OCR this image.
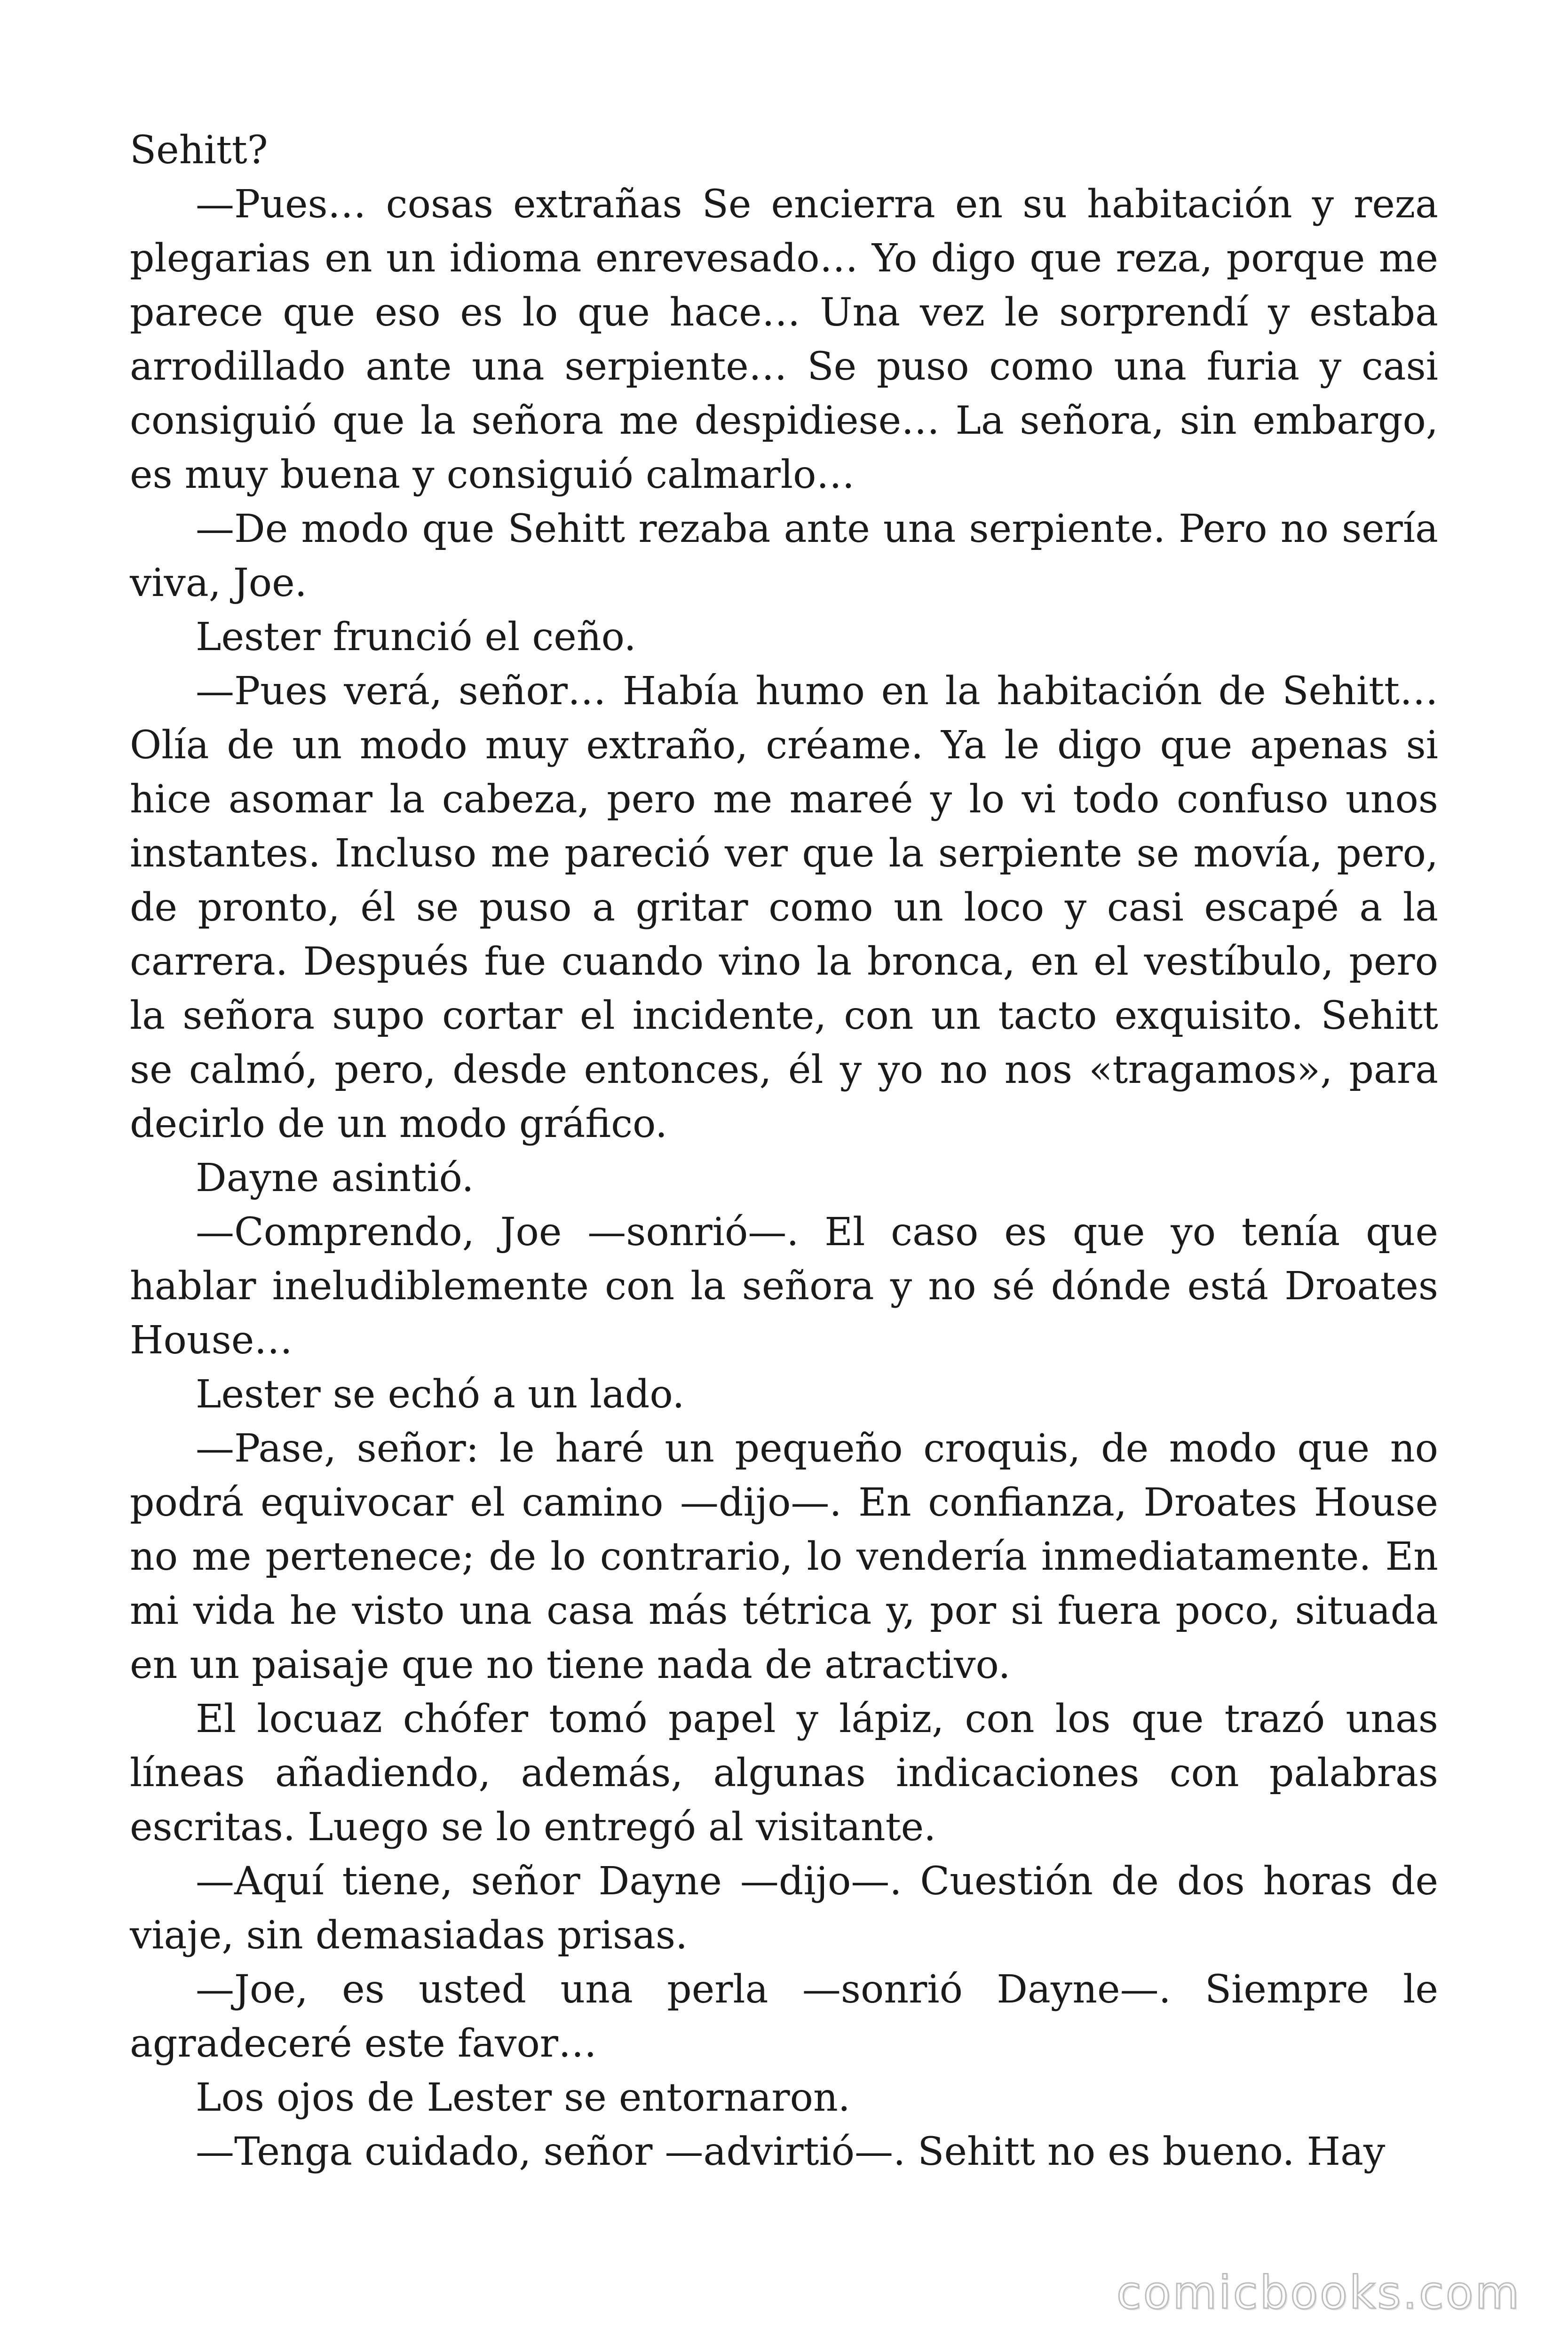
Sehitt?

—Pues… cosas extrañas Se encierra en su habitación y reza plegarias en un idioma enrevesado… Yo digo que reza, porque me parece que eso es lo que hace… Una vez le sorprendí y estaba arrodillado ante una serpiente… Se puso como una furia y casi consiguió que la señora me despidiese… La señora, sin embargo, es muy buena y consiguió calmarlo…

—De modo que Sehitt rezaba ante una serpiente. Pero no sería viva, Joe.

Lester frunció el ceño.

—Pues verá, señor… Había humo en la habitación de Sehitt… Olía de un modo muy extraño, créame. Ya le digo que apenas si hice asomar la cabeza, pero me mareé y lo vi todo confuso unos instantes. Incluso me pareció ver que la serpiente se movía, pero, de pronto, él se puso a gritar como un loco y casi escapé a la carrera. Después fue cuando vino la bronca, en el vestíbulo, pero la señora supo cortar el incidente, con un tacto exquisito. Sehitt se calmó, pero, desde entonces, él y yo no nos «tragamos», para decirlo de un modo gráfico.

Dayne asintió.

—Comprendo, Joe —sonrió—. El caso es que yo tenía que hablar ineludiblemente con la señora y no sé dónde está Droates House…

Lester se echó a un lado.

—Pase, señor: le haré un pequeño croquis, de modo que no podrá equivocar el camino —dijo—. En confianza, Droates House no me pertenece; de lo contrario, lo vendería inmediatamente. En mi vida he visto una casa más tétrica y, por si fuera poco, situada en un paisaje que no tiene nada de atractivo.

El locuaz chófer tomó papel y lápiz, con los que trazó unas líneas añadiendo, además, algunas indicaciones con palabras escritas. Luego se lo entregó al visitante.

—Aquí tiene, señor Dayne —dijo—. Cuestión de dos horas de viaje, sin demasiadas prisas.

—Joe, es usted una perla —sonrió Dayne—. Siempre le agradeceré este favor…

Los ojos de Lester se entornaron.

—Tenga cuidado, señor —advirtió—. Sehitt no es bueno. Hay

comicbooks.com
